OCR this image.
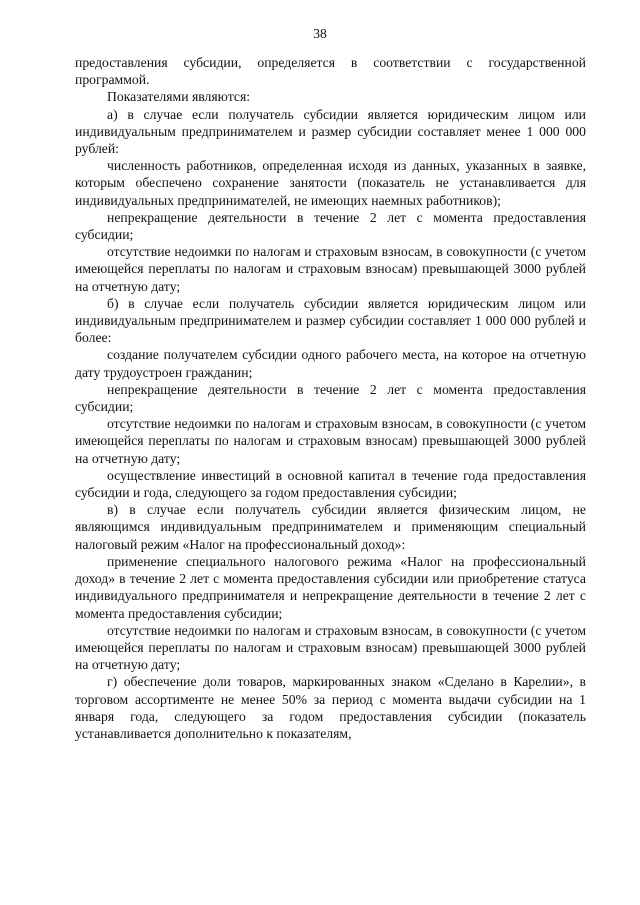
38

предоставления субсидии, определяется в соответствии с государственной программой.

Показателями являются:

а) в случае если получатель субсидии является юридическим лицом или индивидуальным предпринимателем и размер субсидии составляет менее 1 000 000 рублей:

численность работников, определенная исходя из данных, указанных в заявке, которым обеспечено сохранение занятости (показатель не устанавливается для индивидуальных предпринимателей, не имеющих наемных работников);

непрекращение деятельности в течение 2 лет с момента предоставления субсидии;

отсутствие недоимки по налогам и страховым взносам, в совокупности (с учетом имеющейся переплаты по налогам и страховым взносам) превышающей 3000 рублей на отчетную дату;

б) в случае если получатель субсидии является юридическим лицом или индивидуальным предпринимателем и размер субсидии составляет 1 000 000 рублей и более:

создание получателем субсидии одного рабочего места, на которое на отчетную дату трудоустроен гражданин;

непрекращение деятельности в течение 2 лет с момента предоставления субсидии;

отсутствие недоимки по налогам и страховым взносам, в совокупности (с учетом имеющейся переплаты по налогам и страховым взносам) превышающей 3000 рублей на отчетную дату;

осуществление инвестиций в основной капитал в течение года предоставления субсидии и года, следующего за годом предоставления субсидии;

в) в случае если получатель субсидии является физическим лицом, не являющимся индивидуальным предпринимателем и применяющим специальный налоговый режим «Налог на профессиональный доход»:

применение специального налогового режима «Налог на профессиональный доход» в течение 2 лет с момента предоставления субсидии или приобретение статуса индивидуального предпринимателя и непрекращение деятельности в течение 2 лет с момента предоставления субсидии;

отсутствие недоимки по налогам и страховым взносам, в совокупности (с учетом имеющейся переплаты по налогам и страховым взносам) превышающей 3000 рублей на отчетную дату;

г) обеспечение доли товаров, маркированных знаком «Сделано в Карелии», в торговом ассортименте не менее 50% за период с момента выдачи субсидии на 1 января года, следующего за годом предоставления субсидии (показатель устанавливается дополнительно к показателям,
